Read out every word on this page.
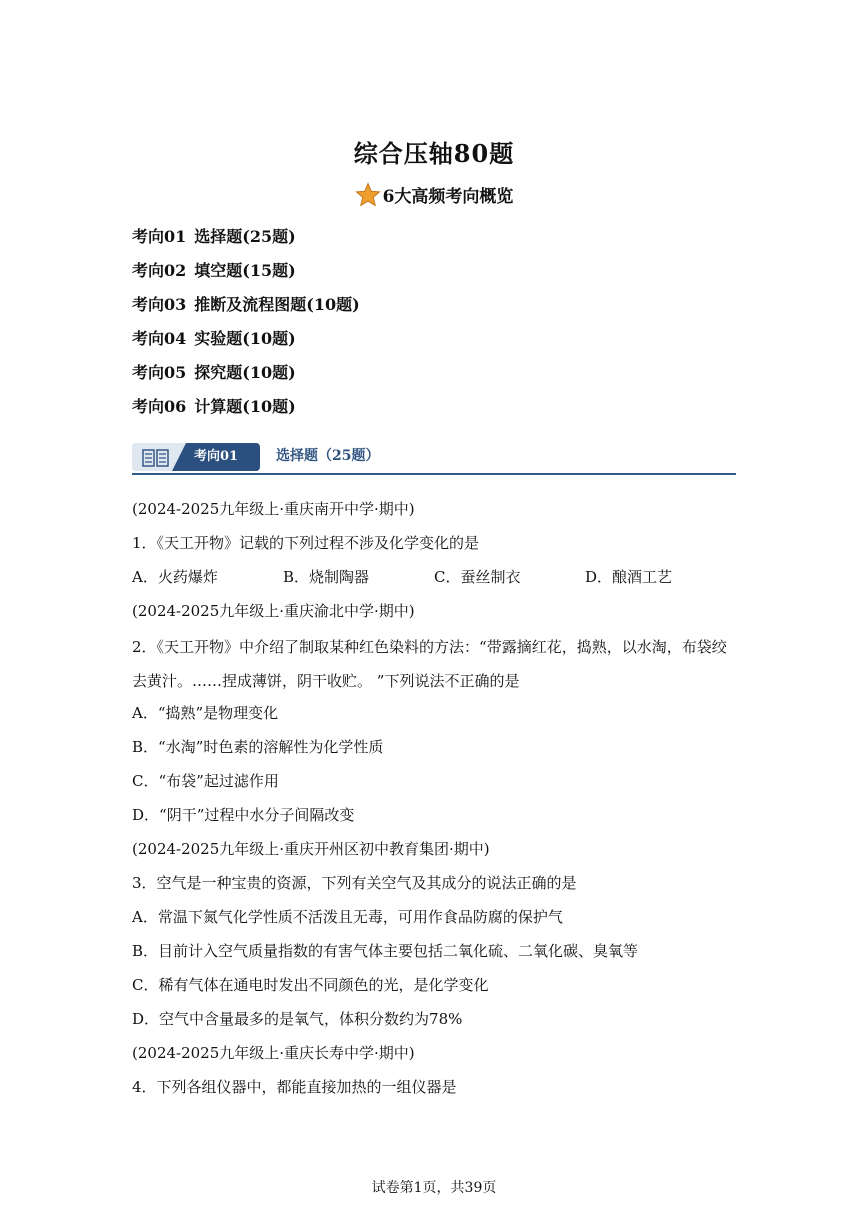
综合压轴80题
6大高频考向概览
考向01 选择题(25题)
考向02 填空题(15题)
考向03 推断及流程图题(10题)
考向04 实验题(10题)
考向05 探究题(10题)
考向06 计算题(10题)
考向01	选择题（25题）
(2024-2025九年级上·重庆南开中学·期中)
1．《天工开物》记载的下列过程不涉及化学变化的是
A．火药爆炸	B．烧制陶器	C．蚕丝制衣	D．酿酒工艺
(2024-2025九年级上·重庆渝北中学·期中)
2．《天工开物》中介绍了制取某种红色染料的方法：“带露摘红花，捣熟，以水淘，布袋绞去黄汁。……捏成薄饼，阴干收贮。 ”下列说法不正确的是
A．“捣熟”是物理变化
B．“水淘”时色素的溶解性为化学性质
C．“布袋”起过滤作用
D．“阴干”过程中水分子间隔改变
(2024-2025九年级上·重庆开州区初中教育集团·期中)
3．空气是一种宝贵的资源，下列有关空气及其成分的说法正确的是
A．常温下氮气化学性质不活泼且无毒，可用作食品防腐的保护气
B．目前计入空气质量指数的有害气体主要包括二氧化硫、二氧化碳、臭氧等
C．稀有气体在通电时发出不同颜色的光，是化学变化
D．空气中含量最多的是氧气，体积分数约为78%
(2024-2025九年级上·重庆长寿中学·期中)
4．下列各组仪器中，都能直接加热的一组仪器是
试卷第1页，共39页
